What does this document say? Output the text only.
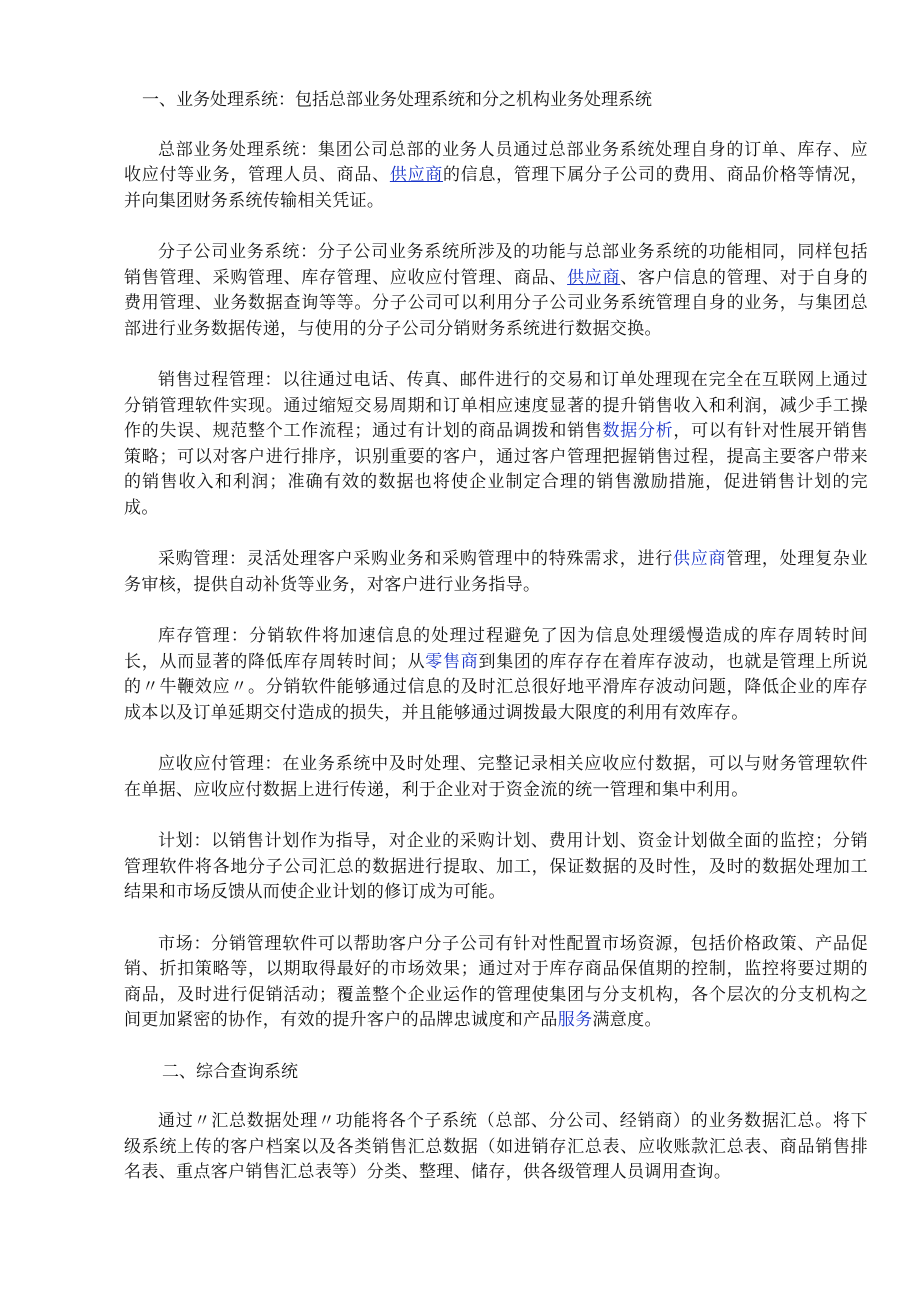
一、业务处理系统：包括总部业务处理系统和分之机构业务处理系统

总部业务处理系统：集团公司总部的业务人员通过总部业务系统处理自身的订单、库存、应收应付等业务，管理人员、商品、供应商的信息，管理下属分子公司的费用、商品价格等情况，并向集团财务系统传输相关凭证。

分子公司业务系统：分子公司业务系统所涉及的功能与总部业务系统的功能相同，同样包括销售管理、采购管理、库存管理、应收应付管理、商品、供应商、客户信息的管理、对于自身的费用管理、业务数据查询等等。分子公司可以利用分子公司业务系统管理自身的业务，与集团总部进行业务数据传递，与使用的分子公司分销财务系统进行数据交换。

销售过程管理：以往通过电话、传真、邮件进行的交易和订单处理现在完全在互联网上通过分销管理软件实现。通过缩短交易周期和订单相应速度显著的提升销售收入和利润，减少手工操作的失误、规范整个工作流程；通过有计划的商品调拨和销售数据分析，可以有针对性展开销售策略；可以对客户进行排序，识别重要的客户，通过客户管理把握销售过程，提高主要客户带来的销售收入和利润；准确有效的数据也将使企业制定合理的销售激励措施，促进销售计划的完成。

采购管理：灵活处理客户采购业务和采购管理中的特殊需求，进行供应商管理，处理复杂业务审核，提供自动补货等业务，对客户进行业务指导。

库存管理：分销软件将加速信息的处理过程避免了因为信息处理缓慢造成的库存周转时间长，从而显著的降低库存周转时间；从零售商到集团的库存存在着库存波动，也就是管理上所说的〃牛鞭效应〃。分销软件能够通过信息的及时汇总很好地平滑库存波动问题，降低企业的库存成本以及订单延期交付造成的损失，并且能够通过调拨最大限度的利用有效库存。

应收应付管理：在业务系统中及时处理、完整记录相关应收应付数据，可以与财务管理软件在单据、应收应付数据上进行传递，利于企业对于资金流的统一管理和集中利用。

计划：以销售计划作为指导，对企业的采购计划、费用计划、资金计划做全面的监控；分销管理软件将各地分子公司汇总的数据进行提取、加工，保证数据的及时性，及时的数据处理加工结果和市场反馈从而使企业计划的修订成为可能。

市场：分销管理软件可以帮助客户分子公司有针对性配置市场资源，包括价格政策、产品促销、折扣策略等，以期取得最好的市场效果；通过对于库存商品保值期的控制，监控将要过期的商品，及时进行促销活动；覆盖整个企业运作的管理使集团与分支机构，各个层次的分支机构之间更加紧密的协作，有效的提升客户的品牌忠诚度和产品服务满意度。

二、综合查询系统

通过〃汇总数据处理〃功能将各个子系统（总部、分公司、经销商）的业务数据汇总。将下级系统上传的客户档案以及各类销售汇总数据（如进销存汇总表、应收账款汇总表、商品销售排名表、重点客户销售汇总表等）分类、整理、储存，供各级管理人员调用查询。
